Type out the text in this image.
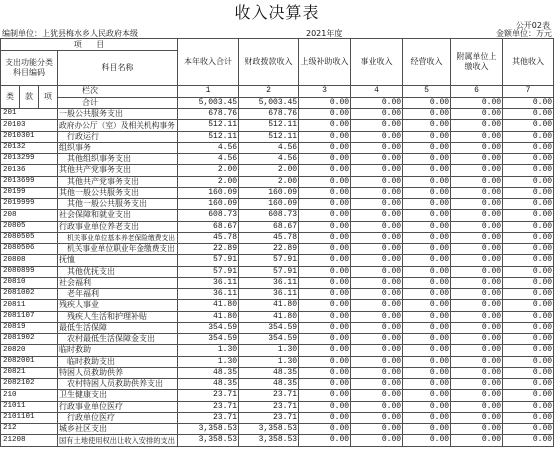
收入决算表
公开02表
编制单位：上犹县梅水乡人民政府本级	2021年度	金额单位：万元
项 目				本年收入合计	财政拨款收入	上级补助收入	事业收入	经营收入	附属单位上缴收入	其他收入
支出功能分类科目编码			科目名称							
类	款	项	栏次	1	2	3	4	5	6	7
			合计	5,003.45	5,003.45	0.00	0.00	0.00	0.00	0.00
201			一般公共服务支出	678.76	678.76	0.00	0.00	0.00	0.00	0.00
20103			政府办公厅（室）及相关机构事务	512.11	512.11	0.00	0.00	0.00	0.00	0.00
2010301			行政运行	512.11	512.11	0.00	0.00	0.00	0.00	0.00
20132			组织事务	4.56	4.56	0.00	0.00	0.00	0.00	0.00
2013299			其他组织事务支出	4.56	4.56	0.00	0.00	0.00	0.00	0.00
20136			其他共产党事务支出	2.00	2.00	0.00	0.00	0.00	0.00	0.00
2013699			其他共产党事务支出	2.00	2.00	0.00	0.00	0.00	0.00	0.00
20199			其他一般公共服务支出	160.09	160.09	0.00	0.00	0.00	0.00	0.00
2019999			其他一般公共服务支出	160.09	160.09	0.00	0.00	0.00	0.00	0.00
208			社会保障和就业支出	608.73	608.73	0.00	0.00	0.00	0.00	0.00
20805			行政事业单位养老支出	68.67	68.67	0.00	0.00	0.00	0.00	0.00
2080505			机关事业单位基本养老保险缴费支出	45.78	45.78	0.00	0.00	0.00	0.00	0.00
2080506			机关事业单位职业年金缴费支出	22.89	22.89	0.00	0.00	0.00	0.00	0.00
20808			抚恤	57.91	57.91	0.00	0.00	0.00	0.00	0.00
2080899			其他优抚支出	57.91	57.91	0.00	0.00	0.00	0.00	0.00
20810			社会福利	36.11	36.11	0.00	0.00	0.00	0.00	0.00
2081002			老年福利	36.11	36.11	0.00	0.00	0.00	0.00	0.00
20811			残疾人事业	41.80	41.80	0.00	0.00	0.00	0.00	0.00
2081107			残疾人生活和护理补贴	41.80	41.80	0.00	0.00	0.00	0.00	0.00
20819			最低生活保障	354.59	354.59	0.00	0.00	0.00	0.00	0.00
2081902			农村最低生活保障金支出	354.59	354.59	0.00	0.00	0.00	0.00	0.00
20820			临时救助	1.30	1.30	0.00	0.00	0.00	0.00	0.00
2082001			临时救助支出	1.30	1.30	0.00	0.00	0.00	0.00	0.00
20821			特困人员救助供养	48.35	48.35	0.00	0.00	0.00	0.00	0.00
2082102			农村特困人员救助供养支出	48.35	48.35	0.00	0.00	0.00	0.00	0.00
210			卫生健康支出	23.71	23.71	0.00	0.00	0.00	0.00	0.00
21011			行政事业单位医疗	23.71	23.71	0.00	0.00	0.00	0.00	0.00
2101101			行政单位医疗	23.71	23.71	0.00	0.00	0.00	0.00	0.00
212			城乡社区支出	3,358.53	3,358.53	0.00	0.00	0.00	0.00	0.00
21208			国有土地使用权出让收入安排的支出	3,358.53	3,358.53	0.00	0.00	0.00	0.00	0.00
